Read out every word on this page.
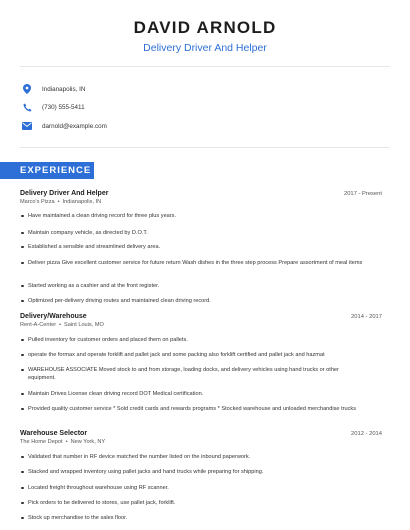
DAVID ARNOLD
Delivery Driver And Helper
Indianapolis, IN
(730) 555-5411
darnold@example.com
EXPERIENCE
Delivery Driver And Helper	2017 - Present
Marco's Pizza • Indianapolis, IN
Have maintained a clean driving record for three plus years.
Maintain company vehicle, as directed by D.O.T.
Established a sensible and streamlined delivery area.
Deliver pizza Give excellent customer service for future return Wash dishes in the three step process Prepare assortment of meal items
Started working as a cashier and at the front register.
Optimized per-delivery driving routes and maintained clean driving record.
Delivery/Warehouse	2014 - 2017
Rent-A-Center • Saint Louis, MO
Pulled inventory for customer orders and placed them on pallets.
operate the formax and operate forklift and pallet jack and some packing also forklift certified and pallet jack and hazmat
WAREHOUSE ASSOCIATE Moved stock to and from storage, loading docks, and delivery vehicles using hand trucks or other equipment.
Maintain Drives License clean driving record DOT Medical certification.
Provided quality customer service * Sold credit cards and rewards programs * Stocked warehouse and unloaded merchandise trucks
Warehouse Selector	2012 - 2014
The Home Depot • New York, NY
Validated that number in RF device matched the number listed on the inbound paperwork.
Stacked and wrapped inventory using pallet jacks and hand trucks while preparing for shipping.
Located freight throughout warehouse using RF scanner.
Pick orders to be delivered to stores, use pallet jack, forklift.
Stock up merchandise to the sales floor.
